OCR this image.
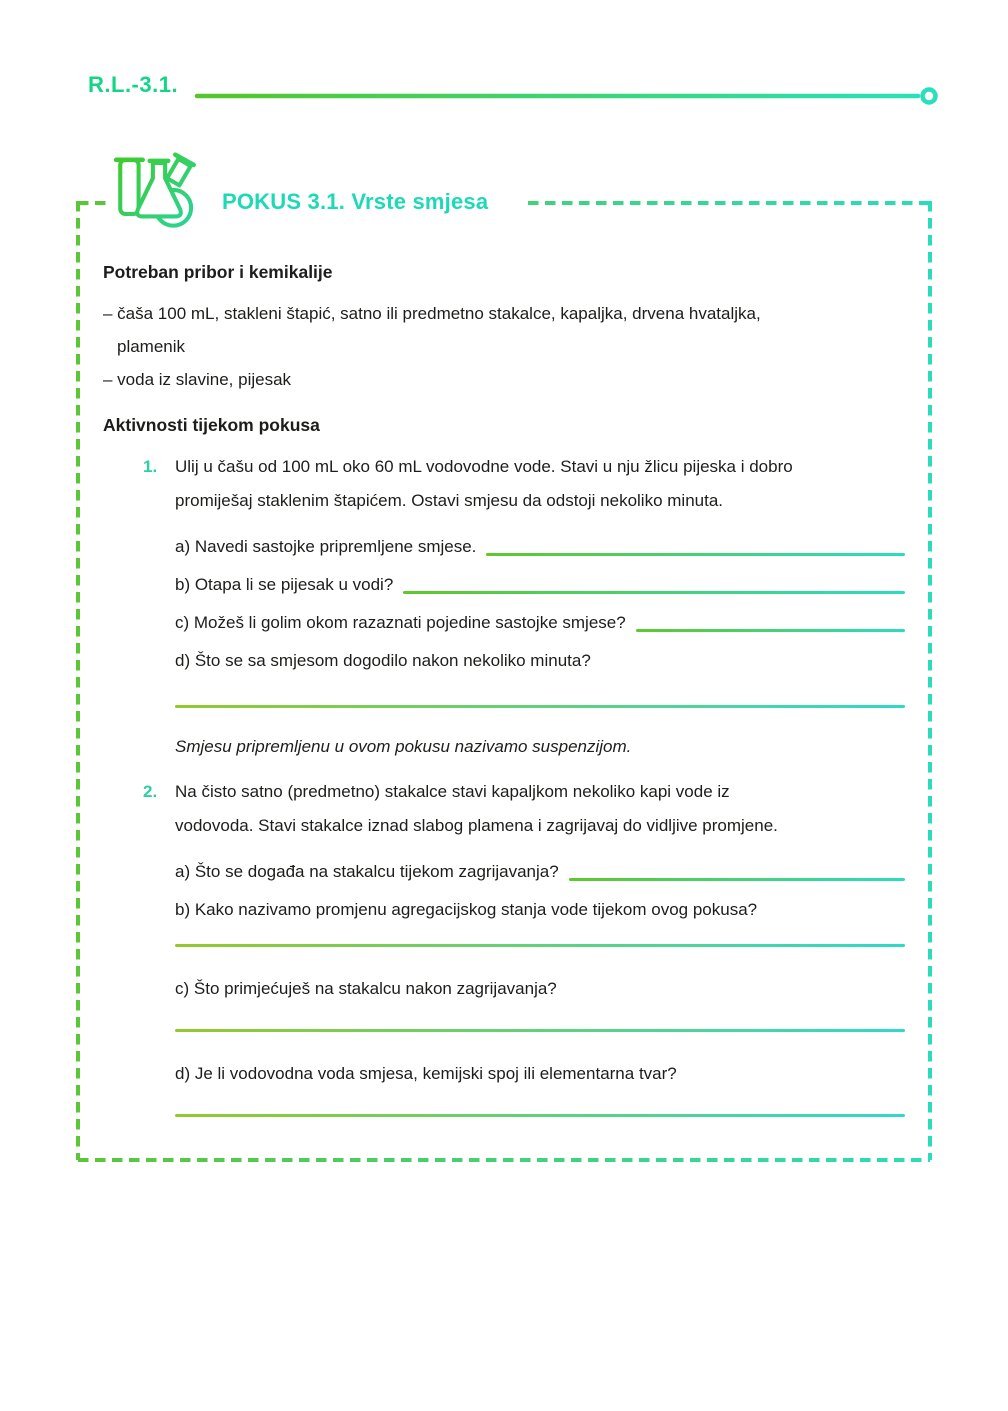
R.L.-3.1.
POKUS 3.1. Vrste smjesa
Potreban pribor i kemikalije
– čaša 100 mL, stakleni štapić, satno ili predmetno stakalce, kapaljka, drvena hvataljka,
plamenik
– voda iz slavine, pijesak
Aktivnosti tijekom pokusa
1. Ulij u čašu od 100 mL oko 60 mL vodovodne vode. Stavi u nju žlicu pijeska i dobro
promiješaj staklenim štapićem. Ostavi smjesu da odstoji nekoliko minuta.
a) Navedi sastojke pripremljene smjese.
b) Otapa li se pijesak u vodi?
c) Možeš li golim okom razaznati pojedine sastojke smjese?
d) Što se sa smjesom dogodilo nakon nekoliko minuta?
Smjesu pripremljenu u ovom pokusu nazivamo suspenzijom.
2. Na čisto satno (predmetno) stakalce stavi kapaljkom nekoliko kapi vode iz
vodovoda. Stavi stakalce iznad slabog plamena i zagrijavaj do vidljive promjene.
a) Što se događa na stakalcu tijekom zagrijavanja?
b) Kako nazivamo promjenu agregacijskog stanja vode tijekom ovog pokusa?
c) Što primjećuješ na stakalcu nakon zagrijavanja?
d) Je li vodovodna voda smjesa, kemijski spoj ili elementarna tvar?
